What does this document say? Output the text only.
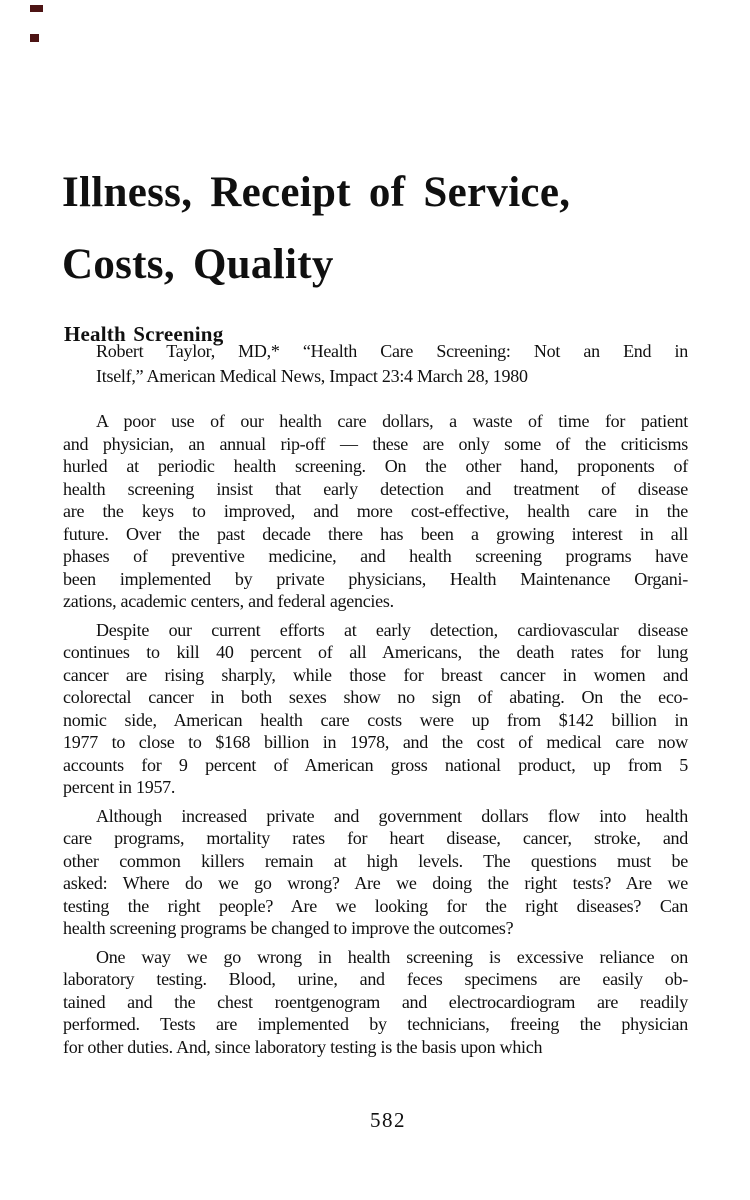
Illness, Receipt of Service,
Costs, Quality
Health Screening
Robert Taylor, MD,* “Health Care Screening: Not an End in
Itself,” American Medical News, Impact 23:4 March 28, 1980
A poor use of our health care dollars, a waste of time for patient
and physician, an annual rip-off — these are only some of the criticisms
hurled at periodic health screening. On the other hand, proponents of
health screening insist that early detection and treatment of disease
are the keys to improved, and more cost-effective, health care in the
future. Over the past decade there has been a growing interest in all
phases of preventive medicine, and health screening programs have
been implemented by private physicians, Health Maintenance Organi-
zations, academic centers, and federal agencies.
Despite our current efforts at early detection, cardiovascular disease
continues to kill 40 percent of all Americans, the death rates for lung
cancer are rising sharply, while those for breast cancer in women and
colorectal cancer in both sexes show no sign of abating. On the eco-
nomic side, American health care costs were up from $142 billion in
1977 to close to $168 billion in 1978, and the cost of medical care now
accounts for 9 percent of American gross national product, up from 5
percent in 1957.
Although increased private and government dollars flow into health
care programs, mortality rates for heart disease, cancer, stroke, and
other common killers remain at high levels. The questions must be
asked: Where do we go wrong? Are we doing the right tests? Are we
testing the right people? Are we looking for the right diseases? Can
health screening programs be changed to improve the outcomes?
One way we go wrong in health screening is excessive reliance on
laboratory testing. Blood, urine, and feces specimens are easily ob-
tained and the chest roentgenogram and electrocardiogram are readily
performed. Tests are implemented by technicians, freeing the physician
for other duties. And, since laboratory testing is the basis upon which
582
